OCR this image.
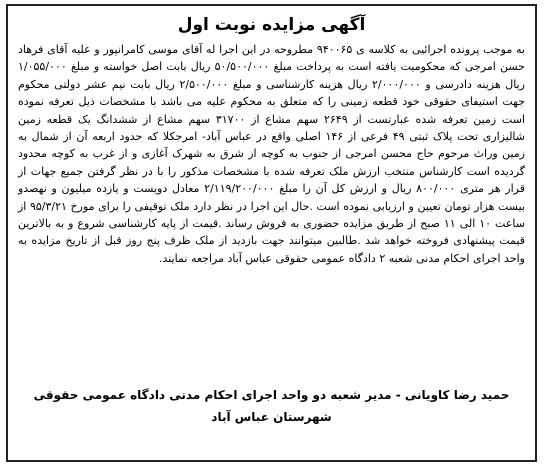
آگهی مزایده نوبت اول

به موجب پرونده اجرائیی به کلاسه ی ۹۴۰۰۶۵ مطروحه در این اجرا له آقای موسی کامرانپور و علیه آقای فرهاد حسن امرجی که محکومیت یافته است به پرداخت مبلغ ۵۰/۵۰۰/۰۰۰ ریال بابت اصل خواسته و مبلغ ۱/۰۵۵/۰۰۰ ریال هزینه دادرسی و ۲/۰۰۰/۰۰۰ ریال هزینه کارشناسی و مبلغ ۲/۵۰۰/۰۰۰ ریال بابت نیم عشر دولتی محکوم جهت استیفای حقوقی خود قطعه زمینی را که متعلق به محکوم علیه می باشد با مشخصات ذیل تعرفه نموده است زمین تعرفه شده عبارتست از ۲۶۴۹ سهم مشاع از ۳۱۷۰۰ سهم مشاع از ششدانگ یک قطعه زمین شالیزاری تحت پلاک ثبتی ۴۹ فرعی از ۱۴۶ اصلی واقع در عباس آباد- امرجکلا که حدود اربعه آن از شمال به زمین وراث مرحوم حاج محسن امرجی از جنوب به کوچه از شرق به شهرک آغازی و از غرب به کوچه محدود گردیده است کارشناس منتخب ارزش ملک تعرفه شده با مشخصات مذکور را با در نظر گرفتن جمیع جهات از قرار هر متری ۸۰۰/۰۰۰ ریال و ارزش کل آن را مبلغ ۲/۱۱۹/۲۰۰/۰۰۰ معادل دویست و یازده میلیون و نهصدو بیست هزار تومان تعیین و ارزیابی نموده است .حال این اجرا در نظر دارد ملک توقیفی را برای مورخ ۹۵/۳/۲۱ از ساعت ۱۰ الی ۱۱ صبح از طریق مزایده حضوری به فروش رساند .قیمت از پایه کارشناسی شروع و به بالاترین قیمت پیشنهادی فروخته خواهد شد .طالبین میتوانند جهت بازدید از ملک ظرف پنج روز قبل از تاریخ مزایده به واحد اجرای احکام مدنی شعبه ۲ دادگاه عمومی حقوقی عباس آباد مراجعه نمایند.

حمید رضا کاویانی - مدیر شعبه دو واحد اجرای احکام مدنی دادگاه عمومی حقوقی
شهرستان عباس آباد
